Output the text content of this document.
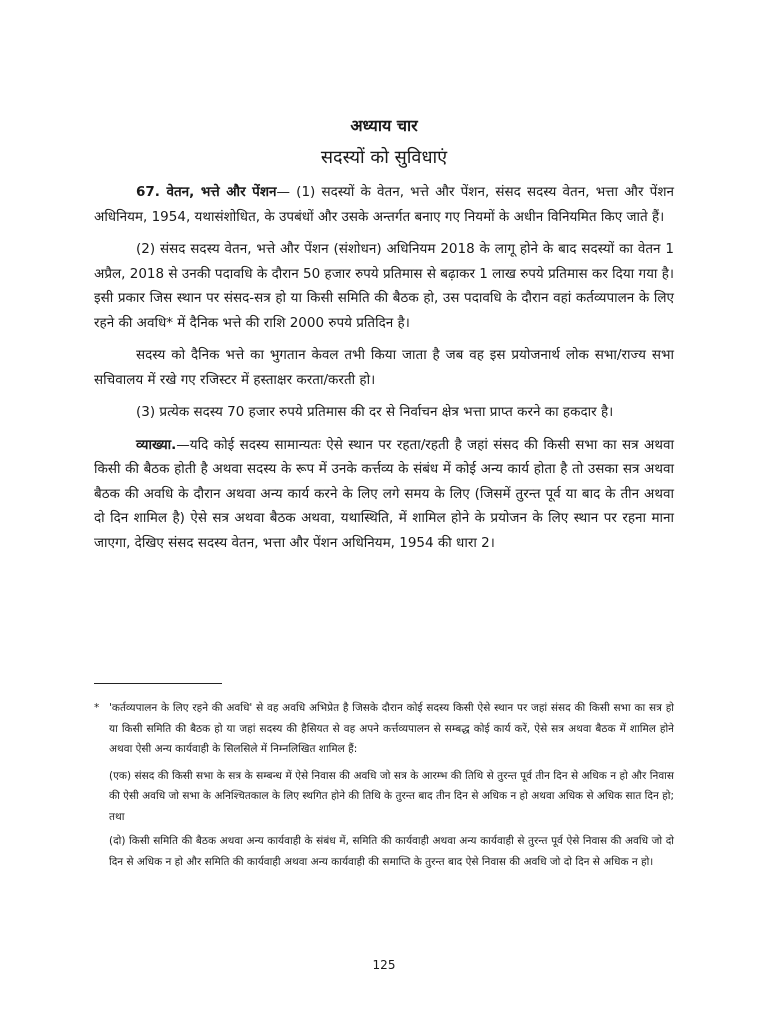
अध्याय चार
सदस्यों को सुविधाएं

67. वेतन, भत्ते और पेंशन— (1) सदस्यों के वेतन, भत्ते और पेंशन, संसद सदस्य वेतन, भत्ता और पेंशन अधिनियम, 1954, यथासंशोधित, के उपबंधों और उसके अन्तर्गत बनाए गए नियमों के अधीन विनियमित किए जाते हैं।

(2) संसद सदस्य वेतन, भत्ते और पेंशन (संशोधन) अधिनियम 2018 के लागू होने के बाद सदस्यों का वेतन 1 अप्रैल, 2018 से उनकी पदावधि के दौरान 50 हजार रुपये प्रतिमास से बढ़ाकर 1 लाख रुपये प्रतिमास कर दिया गया है। इसी प्रकार जिस स्थान पर संसद-सत्र हो या किसी समिति की बैठक हो, उस पदावधि के दौरान वहां कर्तव्यपालन के लिए रहने की अवधि* में दैनिक भत्ते की राशि 2000 रुपये प्रतिदिन है।

सदस्य को दैनिक भत्ते का भुगतान केवल तभी किया जाता है जब वह इस प्रयोजनार्थ लोक सभा/राज्य सभा सचिवालय में रखे गए रजिस्टर में हस्ताक्षर करता/करती हो।

(3) प्रत्येक सदस्य 70 हजार रुपये प्रतिमास की दर से निर्वाचन क्षेत्र भत्ता प्राप्त करने का हकदार है।

व्याख्या.—यदि कोई सदस्य सामान्यतः ऐसे स्थान पर रहता/रहती है जहां संसद की किसी सभा का सत्र अथवा किसी की बैठक होती है अथवा सदस्य के रूप में उनके कर्त्तव्य के संबंध में कोई अन्य कार्य होता है तो उसका सत्र अथवा बैठक की अवधि के दौरान अथवा अन्य कार्य करने के लिए लगे समय के लिए (जिसमें तुरन्त पूर्व या बाद के तीन अथवा दो दिन शामिल है) ऐसे सत्र अथवा बैठक अथवा, यथास्थिति, में शामिल होने के प्रयोजन के लिए स्थान पर रहना माना जाएगा, देखिए संसद सदस्य वेतन, भत्ता और पेंशन अधिनियम, 1954 की धारा 2।

* 'कर्तव्यपालन के लिए रहने की अवधि' से वह अवधि अभिप्रेत है जिसके दौरान कोई सदस्य किसी ऐसे स्थान पर जहां संसद की किसी सभा का सत्र हो या किसी समिति की बैठक हो या जहां सदस्य की हैसियत से वह अपने कर्त्तव्यपालन से सम्बद्ध कोई कार्य करें, ऐसे सत्र अथवा बैठक में शामिल होने अथवा ऐसी अन्य कार्यवाही के सिलसिले में निम्नलिखित शामिल हैं:
(एक) संसद की किसी सभा के सत्र के सम्बन्ध में ऐसे निवास की अवधि जो सत्र के आरम्भ की तिथि से तुरन्त पूर्व तीन दिन से अधिक न हो और निवास की ऐसी अवधि जो सभा के अनिश्चितकाल के लिए स्थगित होने की तिथि के तुरन्त बाद तीन दिन से अधिक न हो अथवा अधिक से अधिक सात दिन हो; तथा
(दो) किसी समिति की बैठक अथवा अन्य कार्यवाही के संबंध में, समिति की कार्यवाही अथवा अन्य कार्यवाही से तुरन्त पूर्व ऐसे निवास की अवधि जो दो दिन से अधिक न हो और समिति की कार्यवाही अथवा अन्य कार्यवाही की समाप्ति के तुरन्त बाद ऐसे निवास की अवधि जो दो दिन से अधिक न हो।
125
